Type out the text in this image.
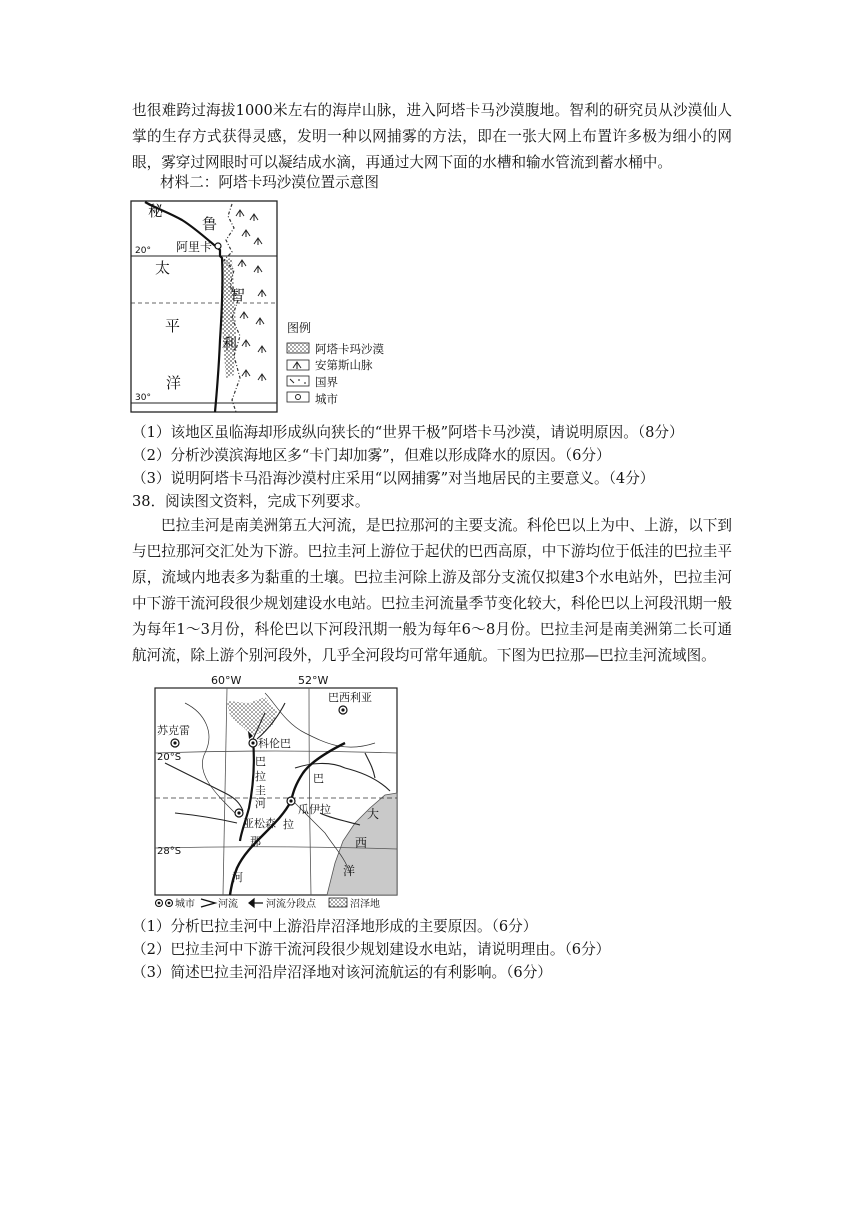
也很难跨过海拔1000米左右的海岸山脉，进入阿塔卡马沙漠腹地。智利的研究员从沙漠仙人掌的生存方式获得灵感，发明一种以网捕雾的方法，即在一张大网上布置许多极为细小的网眼，雾穿过网眼时可以凝结成水滴，再通过大网下面的水槽和输水管流到蓄水桶中。

材料二：阿塔卡玛沙漠位置示意图

秘
鲁
阿里卡
20°
太
智
平
利
洋
30°
图例
阿塔卡玛沙漠
安第斯山脉
国界
城市

（1）该地区虽临海却形成纵向狭长的“世界干极”阿塔卡马沙漠，请说明原因。（8分）

（2）分析沙漠滨海地区多“卡门却加雾”，但难以形成降水的原因。（6分）

（3）说明阿塔卡马沿海沙漠村庄采用“以网捕雾”对当地居民的主要意义。（4分）

38．阅读图文资料，完成下列要求。

巴拉圭河是南美洲第五大河流，是巴拉那河的主要支流。科伦巴以上为中、上游，以下到与巴拉那河交汇处为下游。巴拉圭河上游位于起伏的巴西高原，中下游均位于低洼的巴拉圭平原，流域内地表多为黏重的土壤。巴拉圭河除上游及部分支流仅拟建3个水电站外，巴拉圭河中下游干流河段很少规划建设水电站。巴拉圭河流量季节变化较大，科伦巴以上河段汛期一般为每年1～3月份，科伦巴以下河段汛期一般为每年6～8月份。巴拉圭河是南美洲第二长可通航河流，除上游个别河段外，几乎全河段均可常年通航。下图为巴拉那—巴拉圭河流域图。

60°W	52°W
巴西利亚
苏克雷
科伦巴
瓜伊拉
亚松森
20°S
28°S
巴
拉
圭
河
巴
拉
那
河
大
西
洋
城市 河流	河流分段点	沼泽地

（1）分析巴拉圭河中上游沿岸沼泽地形成的主要原因。（6分）

（2）巴拉圭河中下游干流河段很少规划建设水电站，请说明理由。（6分）

（3）简述巴拉圭河沿岸沼泽地对该河流航运的有利影响。（6分）
